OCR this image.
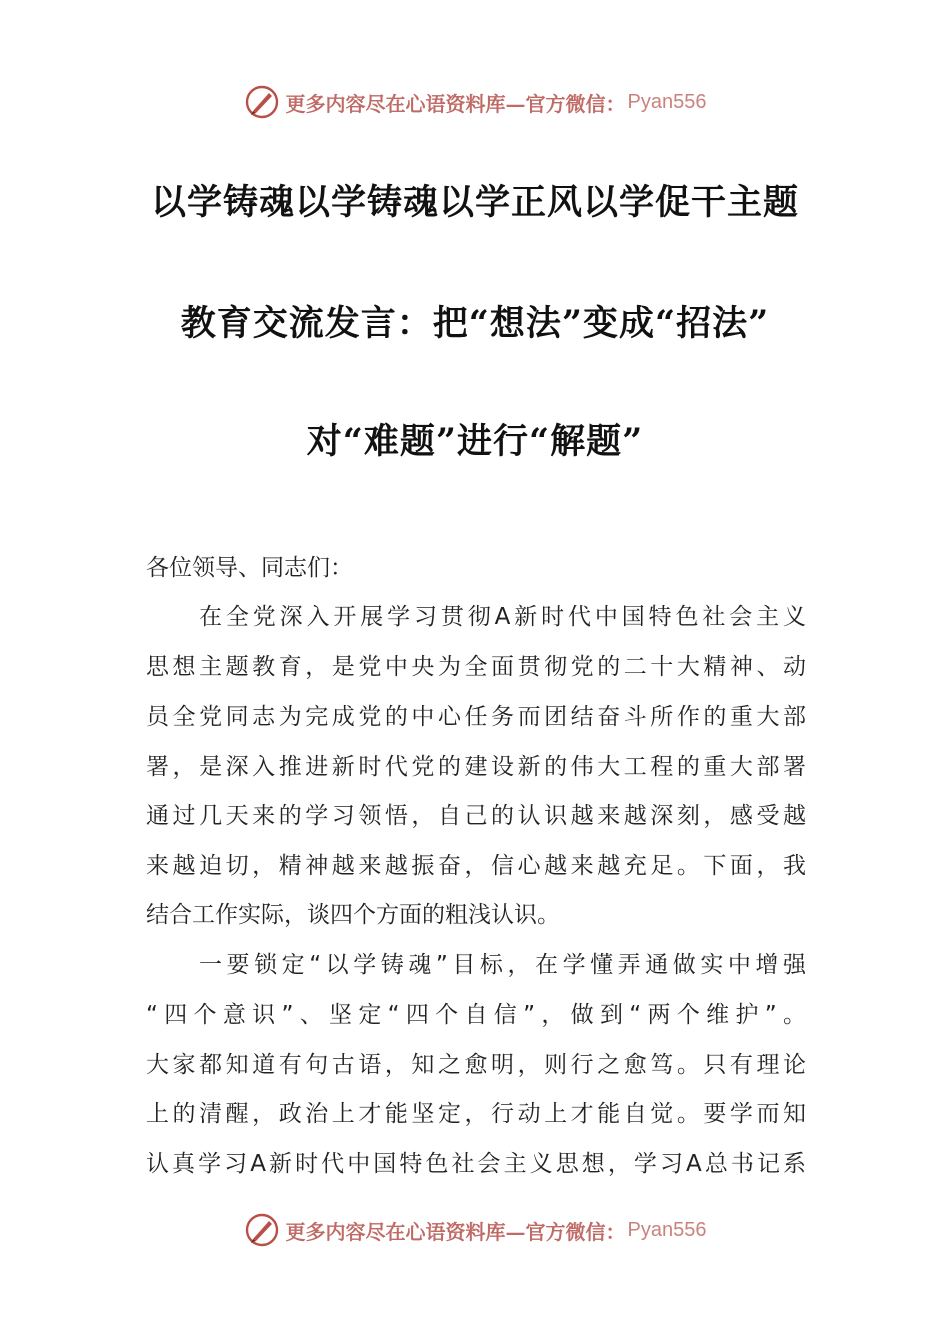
更多内容尽在心语资料库—官方微信： Pyan556
以学铸魂以学铸魂以学正风以学促干主题
教育交流发言：把“想法”变成“招法”
对“难题”进行“解题”
各位领导、同志们：
在全党深入开展学习贯彻A新时代中国特色社会主义
思想主题教育，是党中央为全面贯彻党的二十大精神、动
员全党同志为完成党的中心任务而团结奋斗所作的重大部
署，是深入推进新时代党的建设新的伟大工程的重大部署
通过几天来的学习领悟，自己的认识越来越深刻，感受越
来越迫切，精神越来越振奋，信心越来越充足。下面，我
结合工作实际，谈四个方面的粗浅认识。
一要锁定“以学铸魂”目标，在学懂弄通做实中增强
“四个意识”、坚定“四个自信”，做到“两个维护”。
大家都知道有句古语，知之愈明，则行之愈笃。只有理论
上的清醒，政治上才能坚定，行动上才能自觉。要学而知
认真学习A新时代中国特色社会主义思想，学习A总书记系
更多内容尽在心语资料库—官方微信： Pyan556
